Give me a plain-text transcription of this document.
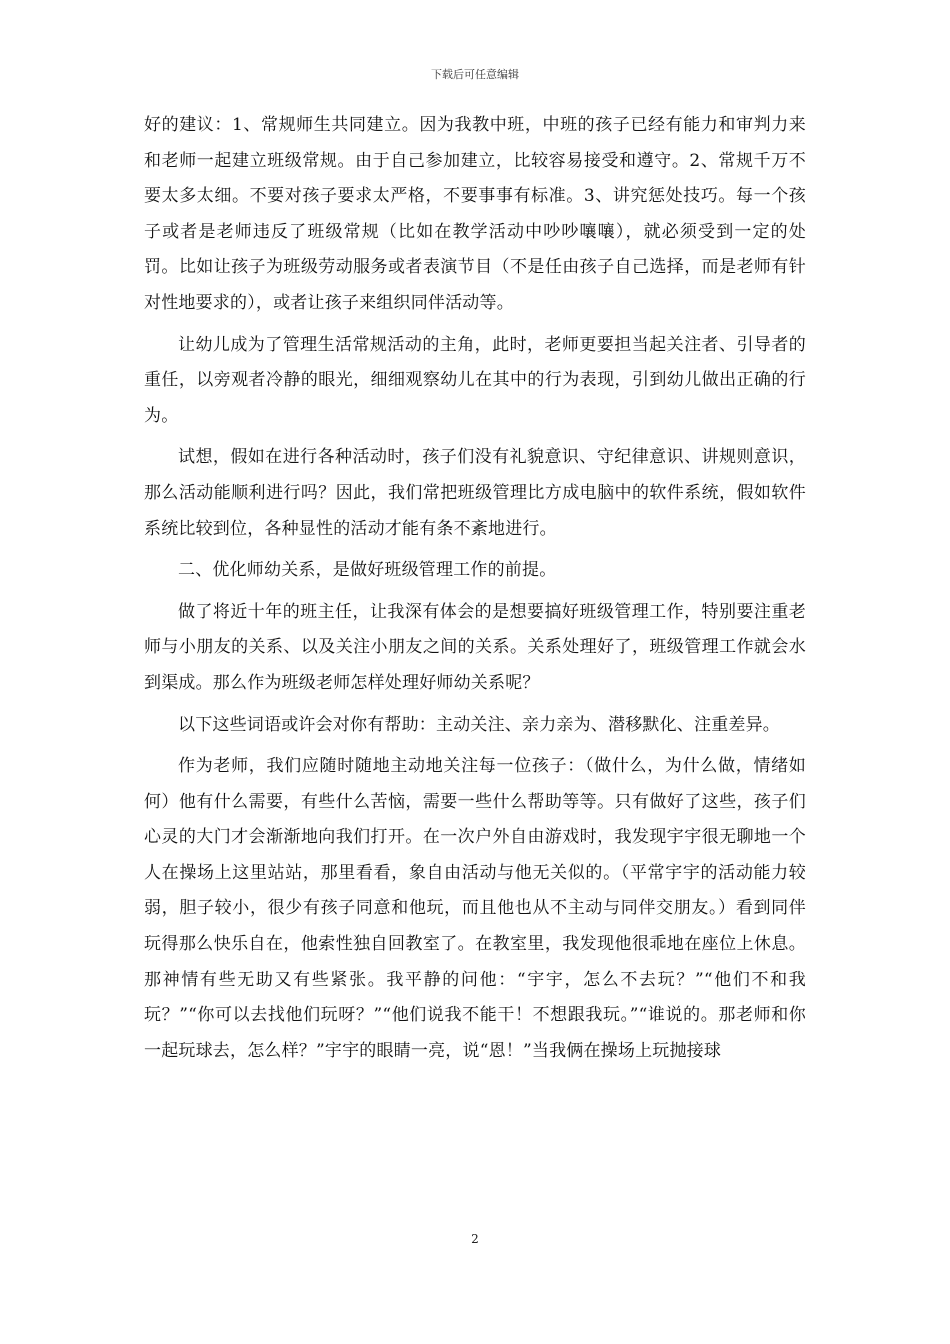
下载后可任意编辑

好的建议：1、常规师生共同建立。因为我教中班，中班的孩子已经有能力和审判力来和老师一起建立班级常规。由于自己参加建立，比较容易接受和遵守。2、常规千万不要太多太细。不要对孩子要求太严格，不要事事有标准。3、讲究惩处技巧。每一个孩子或者是老师违反了班级常规（比如在教学活动中吵吵嚷嚷），就必须受到一定的处罚。比如让孩子为班级劳动服务或者表演节目（不是任由孩子自己选择，而是老师有针对性地要求的），或者让孩子来组织同伴活动等。

让幼儿成为了管理生活常规活动的主角，此时，老师更要担当起关注者、引导者的重任，以旁观者冷静的眼光，细细观察幼儿在其中的行为表现，引到幼儿做出正确的行为。

试想，假如在进行各种活动时，孩子们没有礼貌意识、守纪律意识、讲规则意识，那么活动能顺利进行吗？因此，我们常把班级管理比方成电脑中的软件系统，假如软件系统比较到位，各种显性的活动才能有条不紊地进行。

二、优化师幼关系，是做好班级管理工作的前提。

做了将近十年的班主任，让我深有体会的是想要搞好班级管理工作，特别要注重老师与小朋友的关系、以及关注小朋友之间的关系。关系处理好了，班级管理工作就会水到渠成。那么作为班级老师怎样处理好师幼关系呢？

以下这些词语或许会对你有帮助：主动关注、亲力亲为、潜移默化、注重差异。

作为老师，我们应随时随地主动地关注每一位孩子：（做什么，为什么做，情绪如何）他有什么需要，有些什么苦恼，需要一些什么帮助等等。只有做好了这些，孩子们心灵的大门才会渐渐地向我们打开。在一次户外自由游戏时，我发现宇宇很无聊地一个人在操场上这里站站，那里看看，象自由活动与他无关似的。（平常宇宇的活动能力较弱，胆子较小，很少有孩子同意和他玩，而且他也从不主动与同伴交朋友。）看到同伴玩得那么快乐自在，他索性独自回教室了。在教室里，我发现他很乖地在座位上休息。那神情有些无助又有些紧张。我平静的问他：“宇宇，怎么不去玩？”“他们不和我玩？”“你可以去找他们玩呀？”“他们说我不能干！不想跟我玩。”“谁说的。那老师和你一起玩球去，怎么样？”宇宇的眼睛一亮，说“恩！”当我俩在操场上玩抛接球

2
